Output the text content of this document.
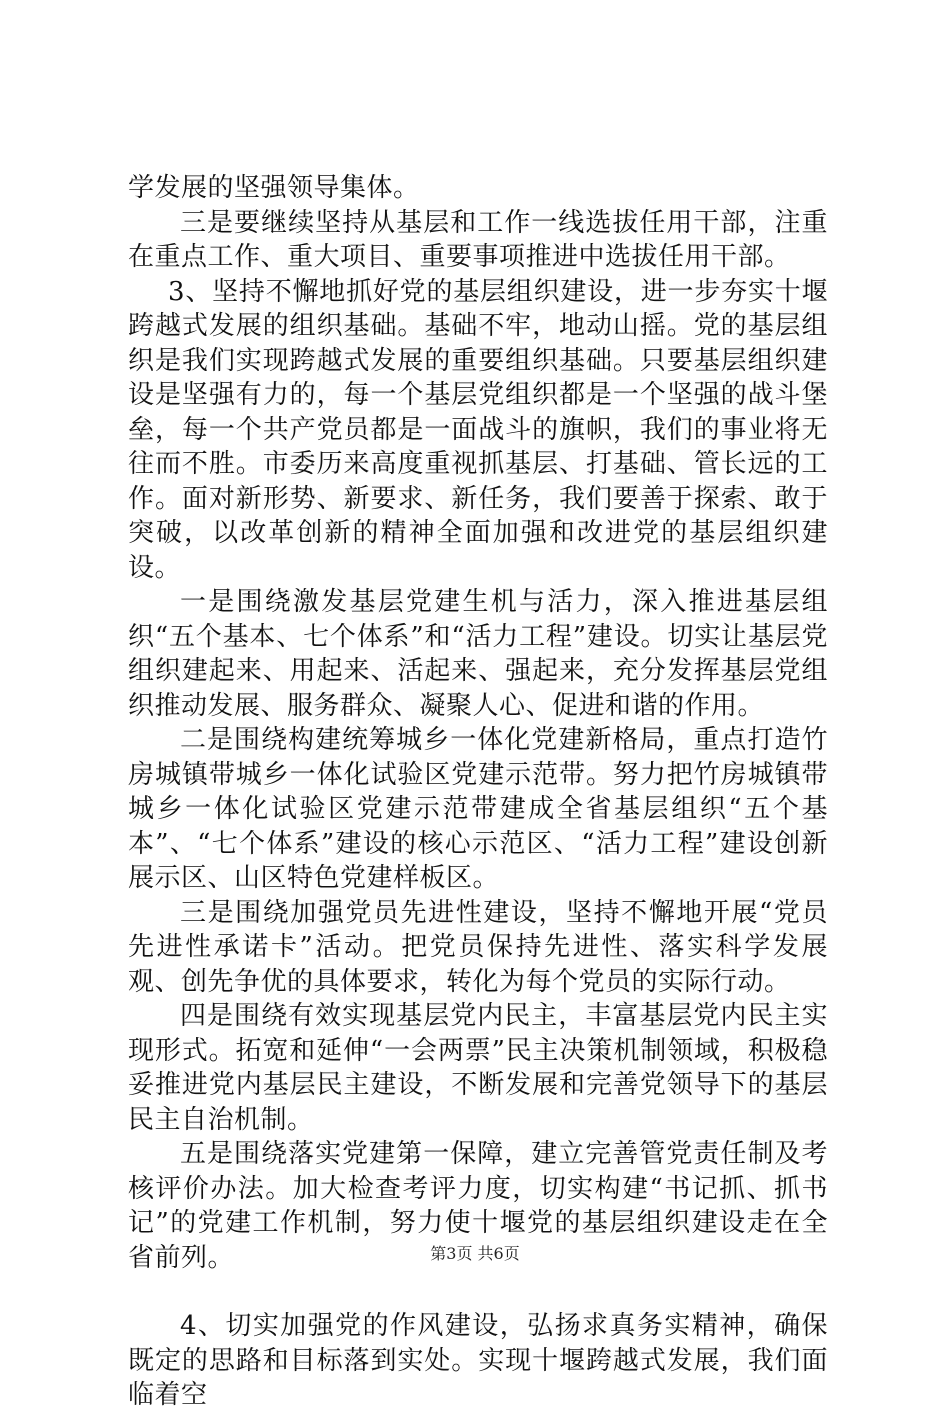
学发展的坚强领导集体。

三是要继续坚持从基层和工作一线选拔任用干部，注重在重点工作、重大项目、重要事项推进中选拔任用干部。

3、坚持不懈地抓好党的基层组织建设，进一步夯实十堰跨越式发展的组织基础。基础不牢，地动山摇。党的基层组织是我们实现跨越式发展的重要组织基础。只要基层组织建设是坚强有力的，每一个基层党组织都是一个坚强的战斗堡垒，每一个共产党员都是一面战斗的旗帜，我们的事业将无往而不胜。市委历来高度重视抓基层、打基础、管长远的工作。面对新形势、新要求、新任务，我们要善于探索、敢于突破，以改革创新的精神全面加强和改进党的基层组织建设。

一是围绕激发基层党建生机与活力，深入推进基层组织“五个基本、七个体系”和“活力工程”建设。切实让基层党组织建起来、用起来、活起来、强起来，充分发挥基层党组织推动发展、服务群众、凝聚人心、促进和谐的作用。

二是围绕构建统筹城乡一体化党建新格局，重点打造竹房城镇带城乡一体化试验区党建示范带。努力把竹房城镇带城乡一体化试验区党建示范带建成全省基层组织“五个基本”、“七个体系”建设的核心示范区、“活力工程”建设创新展示区、山区特色党建样板区。

三是围绕加强党员先进性建设，坚持不懈地开展“党员先进性承诺卡”活动。把党员保持先进性、落实科学发展观、创先争优的具体要求，转化为每个党员的实际行动。

四是围绕有效实现基层党内民主，丰富基层党内民主实现形式。拓宽和延伸“一会两票”民主决策机制领域，积极稳妥推进党内基层民主建设，不断发展和完善党领导下的基层民主自治机制。

五是围绕落实党建第一保障，建立完善管党责任制及考核评价办法。加大检查考评力度，切实构建“书记抓、抓书记”的党建工作机制，努力使十堰党的基层组织建设走在全省前列。

4、切实加强党的作风建设，弘扬求真务实精神，确保既定的思路和目标落到实处。实现十堰跨越式发展，我们面临着空

第3页 共6页
